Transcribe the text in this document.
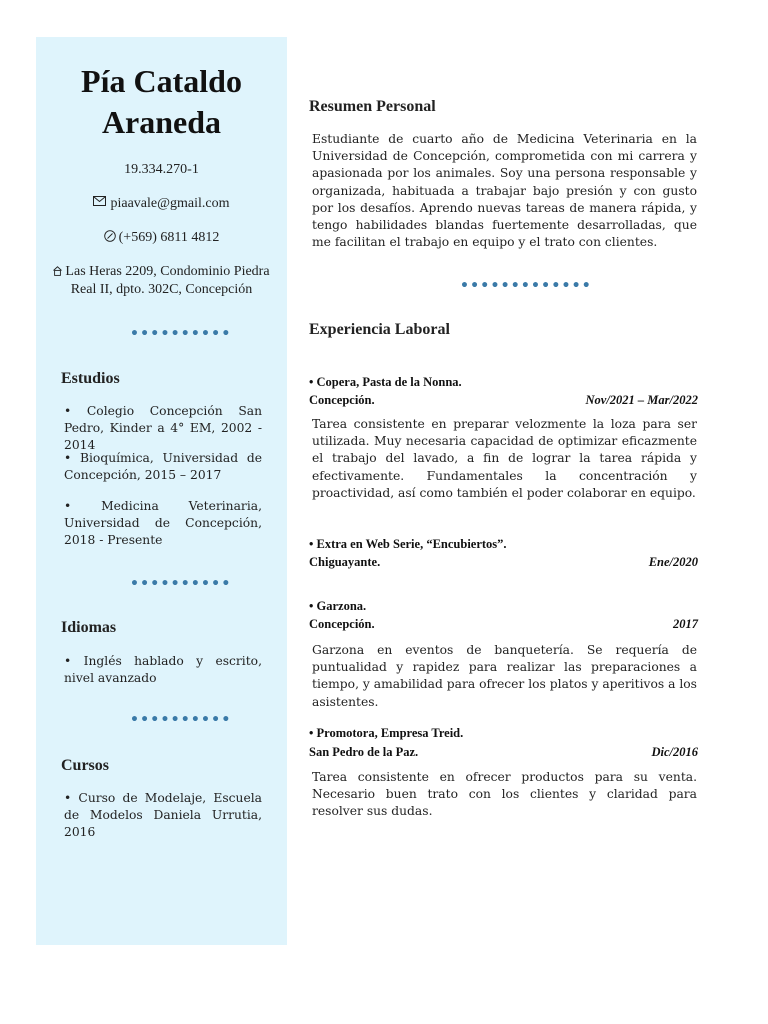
Pía Cataldo
Araneda
19.334.270-1
piaavale@gmail.com
(+569) 6811 4812
Las Heras 2209, Condominio Piedra Real II, dpto. 302C, Concepción
••••••••••
Estudios
• Colegio Concepción San Pedro, Kinder a 4° EM, 2002 - 2014
• Bioquímica, Universidad de Concepción, 2015 – 2017
• Medicina Veterinaria, Universidad de Concepción, 2018 - Presente
••••••••••
Idiomas
• Inglés hablado y escrito, nivel avanzado
••••••••••
Cursos
• Curso de Modelaje, Escuela de Modelos Daniela Urrutia, 2016
Resumen Personal
Estudiante de cuarto año de Medicina Veterinaria en la Universidad de Concepción, comprometida con mi carrera y apasionada por los animales. Soy una persona responsable y organizada, habituada a trabajar bajo presión y con gusto por los desafíos. Aprendo nuevas tareas de manera rápida, y tengo habilidades blandas fuertemente desarrolladas, que me facilitan el trabajo en equipo y el trato con clientes.
•••••••••••••
Experiencia Laboral
• Copera, Pasta de la Nonna.
Concepción.	Nov/2021 – Mar/2022
Tarea consistente en preparar velozmente la loza para ser utilizada. Muy necesaria capacidad de optimizar eficazmente el trabajo del lavado, a fin de lograr la tarea rápida y efectivamente. Fundamentales la concentración y proactividad, así como también el poder colaborar en equipo.
• Extra en Web Serie, “Encubiertos”.
Chiguayante.	Ene/2020
• Garzona.
Concepción.	2017
Garzona en eventos de banquetería. Se requería de puntualidad y rapidez para realizar las preparaciones a tiempo, y amabilidad para ofrecer los platos y aperitivos a los asistentes.
• Promotora, Empresa Treid.
San Pedro de la Paz.	Dic/2016
Tarea consistente en ofrecer productos para su venta. Necesario buen trato con los clientes y claridad para resolver sus dudas.
